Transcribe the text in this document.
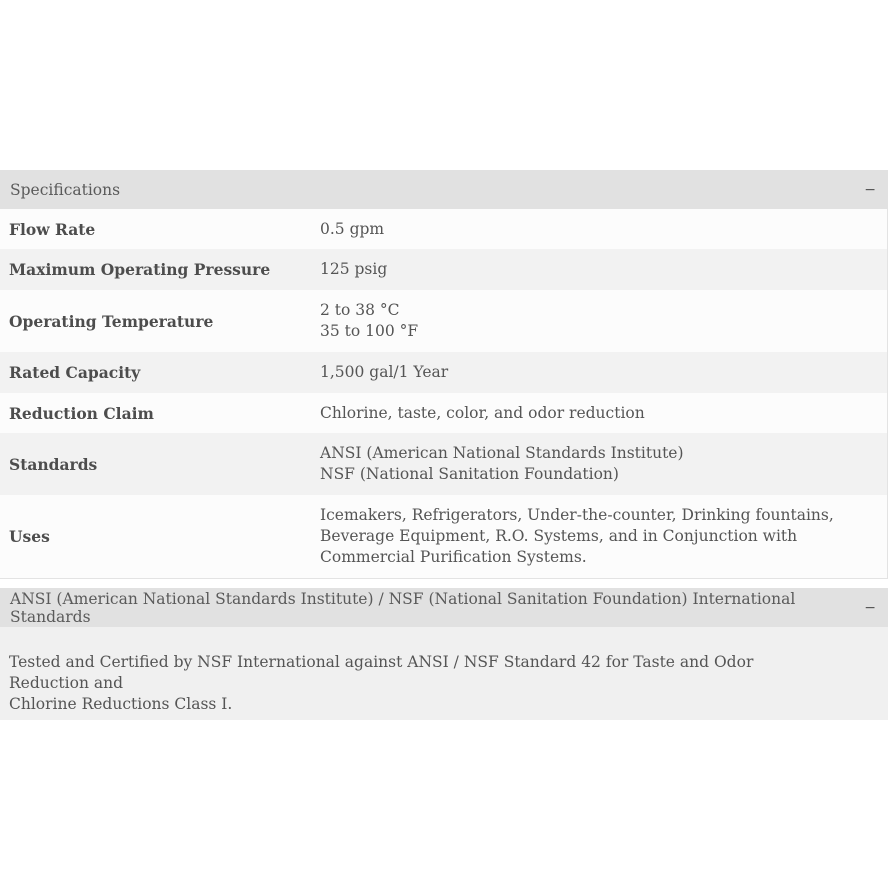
Specifications	−
Flow Rate	0.5 gpm

Maximum Operating Pressure	125 psig

Operating Temperature	2 to 38 °C
35 to 100 °F

Rated Capacity	1,500 gal/1 Year

Reduction Claim	Chlorine, taste, color, and odor reduction

Standards	ANSI (American National Standards Institute)
NSF (National Sanitation Foundation)

Uses	Icemakers, Refrigerators, Under-the-counter, Drinking fountains,
Beverage Equipment, R.O. Systems, and in Conjunction with
Commercial Purification Systems.
ANSI (American National Standards Institute) / NSF (National Sanitation Foundation) International Standards	−
Tested and Certified by NSF International against ANSI / NSF Standard 42 for Taste and Odor Reduction and
Chlorine Reductions Class I.
